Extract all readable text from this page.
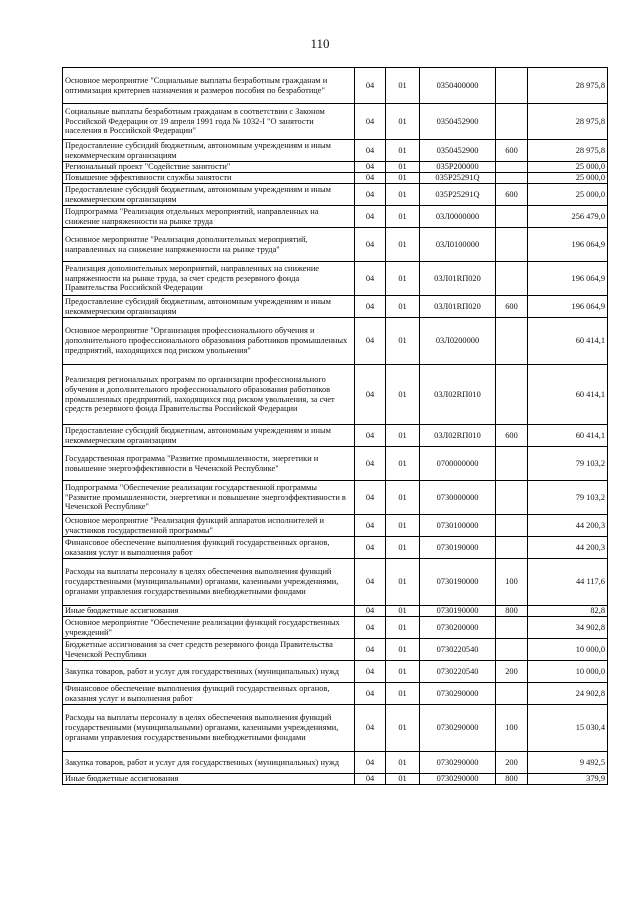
110
Основное мероприятие "Социальные выплаты безработным гражданам и оптимизация критериев назначения и размеров пособия по безработице"	04	01	0350400000		28 975,8
Социальные выплаты безработным гражданам в соответствии с Законом Российской Федерации от 19 апреля 1991 года № 1032-I "О занятости населения в Российской Федерации"	04	01	0350452900		28 975,8
Предоставление субсидий бюджетным, автономным учреждениям и иным некоммерческим организациям	04	01	0350452900	600	28 975,8
Региональный проект "Содействие занятости"	04	01	035P200000		25 000,0
Повышение эффективности службы занятости	04	01	035P25291Q		25 000,0
Предоставление субсидий бюджетным, автономным учреждениям и иным некоммерческим организациям	04	01	035P25291Q	600	25 000,0
Подпрограмма "Реализация отдельных мероприятий, направленных на снижение напряженности на рынке труда	04	01	03Л0000000		256 479,0
Основное мероприятие "Реализация дополнительных мероприятий, направленных на снижение напряженности на рынке труда"	04	01	03Л0100000		196 064,9
Реализация дополнительных мероприятий, направленных на снижение напряженности на рынке труда, за счет средств резервного фонда Правительства Российской Федерации	04	01	03Л01RП020		196 064,9
Предоставление субсидий бюджетным, автономным учреждениям и иным некоммерческим организациям	04	01	03Л01RП020	600	196 064,9
Основное мероприятие "Организация профессионального обучения и дополнительного профессионального образования работников промышленных предприятий, находящихся под риском увольнения"	04	01	03Л0200000		60 414,1
Реализация региональных программ по организации профессионального обучения и дополнительного профессионального образования работников промышленных предприятий, находящихся под риском увольнения, за счет средств резервного фонда Правительства Российской Федерации	04	01	03Л02RП010		60 414,1
Предоставление субсидий бюджетным, автономным учреждениям и иным некоммерческим организациям	04	01	03Л02RП010	600	60 414,1
Государственная программа "Развитие промышленности, энергетики и повышение энергоэффективности в Чеченской Республике"	04	01	0700000000		79 103,2
Подпрограмма "Обеспечение реализации государственной программы "Развитие промышленности, энергетики и повышение энергоэффективности в Чеченской Республике"	04	01	0730000000		79 103,2
Основное мероприятие "Реализация функций аппаратов исполнителей и участников государственной программы"	04	01	0730100000		44 200,3
Финансовое обеспечение выполнения функций государственных органов, оказания услуг и выполнения работ	04	01	0730190000		44 200,3
Расходы на выплаты персоналу в целях обеспечения выполнения функций государственными (муниципальными) органами, казенными учреждениями, органами управления государственными внебюджетными фондами	04	01	0730190000	100	44 117,6
Иные бюджетные ассигнования	04	01	0730190000	800	82,8
Основное мероприятие "Обеспечение реализации функций государственных учреждений"	04	01	0730200000		34 902,8
Бюджетные ассигнования за счет средств резервного фонда Правительства Чеченской Республики	04	01	0730220540		10 000,0
Закупка товаров, работ и услуг для государственных (муниципальных) нужд	04	01	0730220540	200	10 000,0
Финансовое обеспечение выполнения функций государственных органов, оказания услуг и выполнения работ	04	01	0730290000		24 902,8
Расходы на выплаты персоналу в целях обеспечения выполнения функций государственными (муниципальными) органами, казенными учреждениями, органами управления государственными внебюджетными фондами	04	01	0730290000	100	15 030,4
Закупка товаров, работ и услуг для государственных (муниципальных) нужд	04	01	0730290000	200	9 492,5
Иные бюджетные ассигнования	04	01	0730290000	800	379,9
